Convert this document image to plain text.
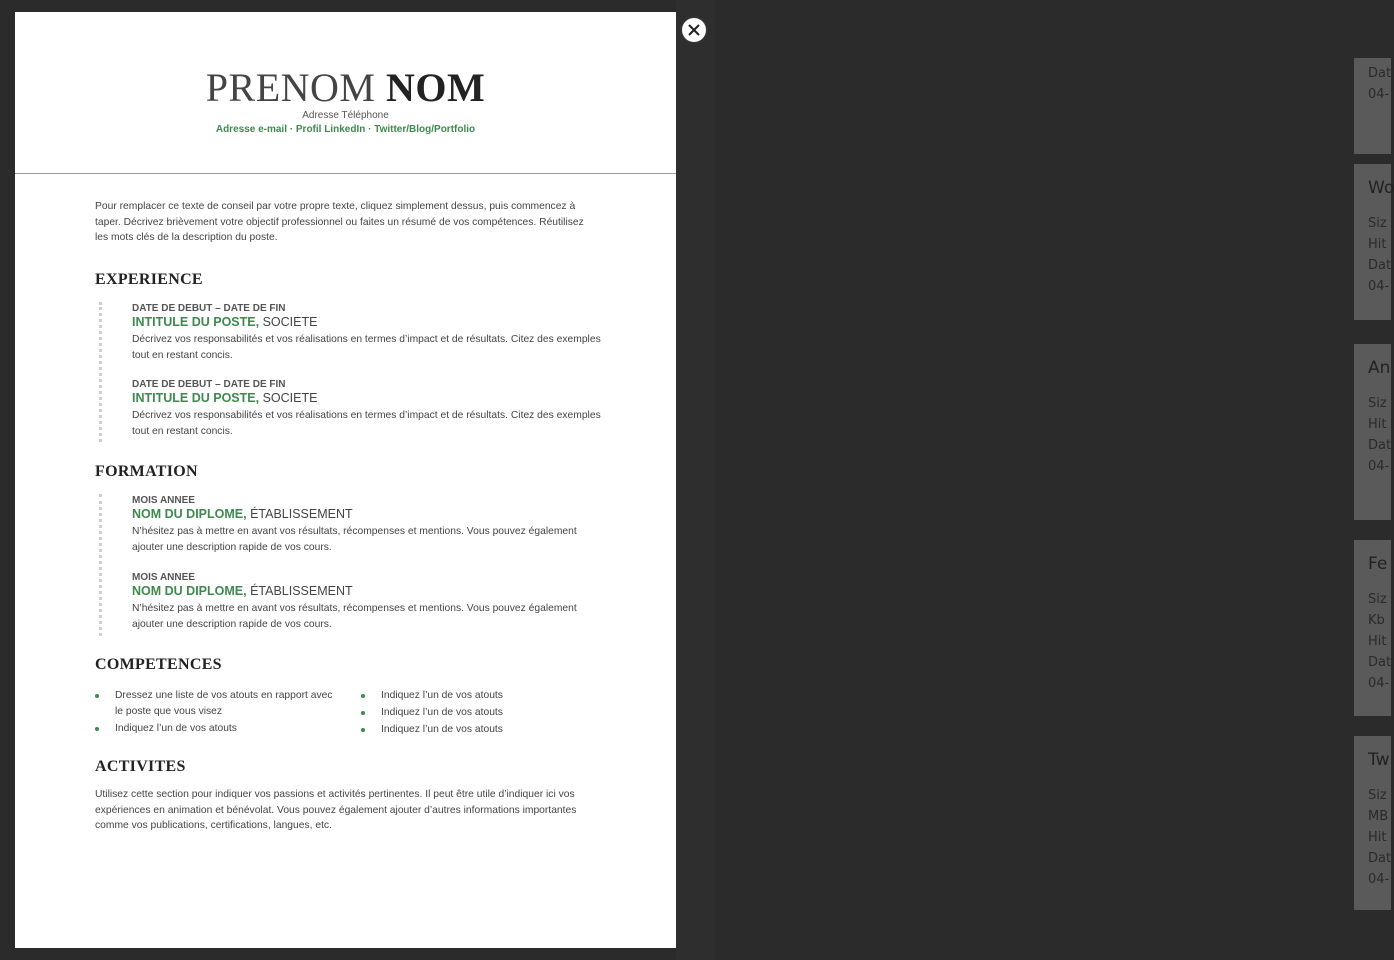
Dat
04-
Wo
Siz
Hit
Dat
04-
An
Siz
Hit
Dat
04-
Fe
Siz
Kb
Hit
Dat
04-
Tw
Siz
MB
Hit
Dat
04-
PRENOM NOM
Adresse Téléphone
Adresse e-mail · Profil LinkedIn · Twitter/Blog/Portfolio
Pour remplacer ce texte de conseil par votre propre texte, cliquez simplement dessus, puis commencez à taper. Décrivez brièvement votre objectif professionnel ou faites un résumé de vos compétences. Réutilisez les mots clés de la description du poste.
EXPERIENCE
DATE DE DEBUT – DATE DE FIN
INTITULE DU POSTE, SOCIETE
Décrivez vos responsabilités et vos réalisations en termes d’impact et de résultats. Citez des exemples tout en restant concis.
DATE DE DEBUT – DATE DE FIN
INTITULE DU POSTE, SOCIETE
Décrivez vos responsabilités et vos réalisations en termes d’impact et de résultats. Citez des exemples tout en restant concis.
FORMATION
MOIS ANNEE
NOM DU DIPLOME, ÉTABLISSEMENT
N’hésitez pas à mettre en avant vos résultats, récompenses et mentions. Vous pouvez également ajouter une description rapide de vos cours.
MOIS ANNEE
NOM DU DIPLOME, ÉTABLISSEMENT
N’hésitez pas à mettre en avant vos résultats, récompenses et mentions. Vous pouvez également ajouter une description rapide de vos cours.
COMPETENCES
Dressez une liste de vos atouts en rapport avec le poste que vous visez
Indiquez l’un de vos atouts
Indiquez l’un de vos atouts
Indiquez l’un de vos atouts
Indiquez l’un de vos atouts
ACTIVITES
Utilisez cette section pour indiquer vos passions et activités pertinentes. Il peut être utile d’indiquer ici vos expériences en animation et bénévolat. Vous pouvez également ajouter d’autres informations importantes comme vos publications, certifications, langues, etc.
